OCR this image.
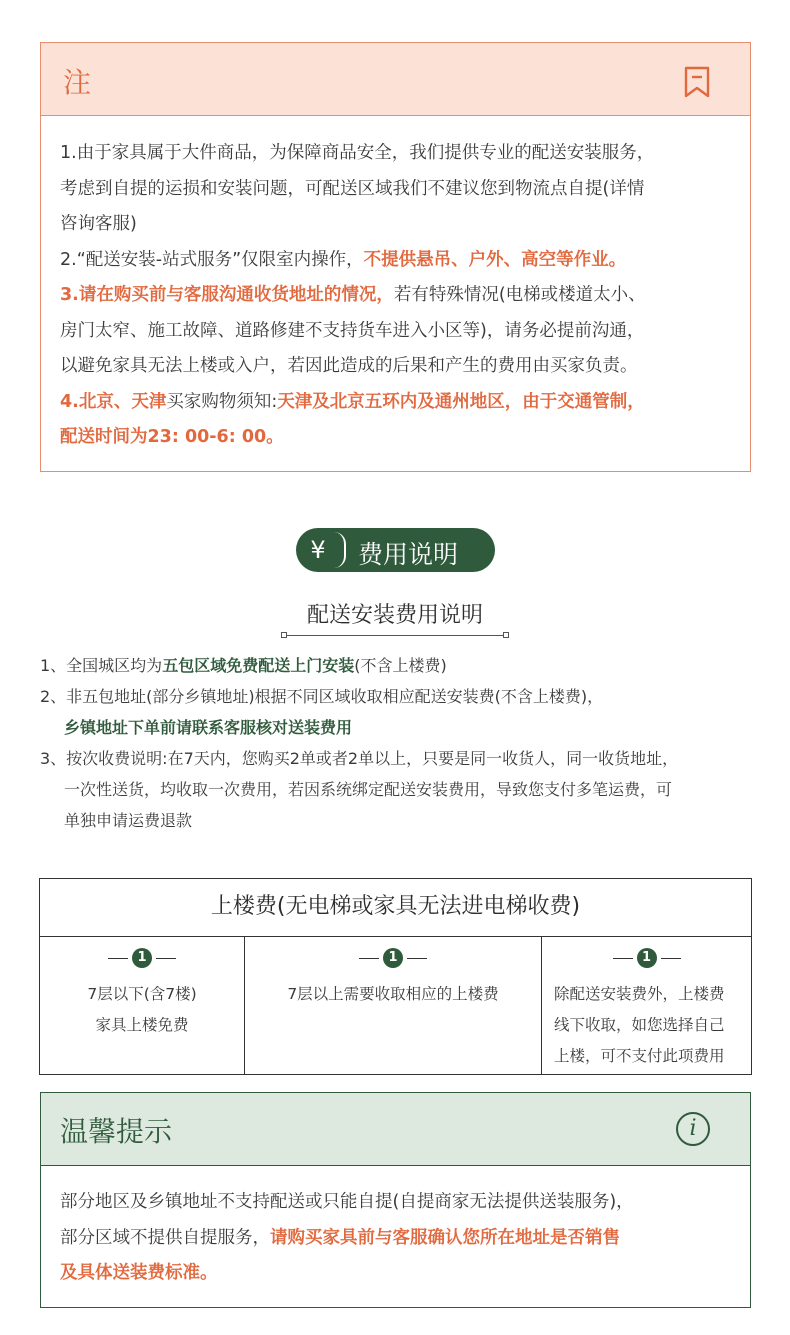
注
1.由于家具属于大件商品，为保障商品安全，我们提供专业的配送安装服务，
考虑到自提的运损和安装问题，可配送区域我们不建议您到物流点自提(详情
咨询客服)
2.“配送安装-站式服务”仅限室内操作，不提供悬吊、户外、高空等作业。
3.请在购买前与客服沟通收货地址的情况，若有特殊情况(电梯或楼道太小、
房门太窄、施工故障、道路修建不支持货车进入小区等)，请务必提前沟通，
以避免家具无法上楼或入户，若因此造成的后果和产生的费用由买家负责。
4.北京、天津买家购物须知:天津及北京五环内及通州地区，由于交通管制，
配送时间为23: 00-6: 00。
¥	费用说明
配送安装费用说明
1、全国城区均为五包区域免费配送上门安装(不含上楼费)
2、非五包地址(部分乡镇地址)根据不同区域收取相应配送安装费(不含上楼费)，
乡镇地址下单前请联系客服核对送装费用
3、按次收费说明:在7天内，您购买2单或者2单以上，只要是同一收货人，同一收货地址，
一次性送货，均收取一次费用，若因系统绑定配送安装费用，导致您支付多笔运费，可
单独申请运费退款
上楼费(无电梯或家具无法进电梯收费)
1
7层以下(含7楼)
家具上楼免费
1
7层以上需要收取相应的上楼费
1
除配送安装费外，上楼费
线下收取，如您选择自己
上楼，可不支付此项费用
温馨提示	i
部分地区及乡镇地址不支持配送或只能自提(自提商家无法提供送装服务)，
部分区域不提供自提服务，请购买家具前与客服确认您所在地址是否销售
及具体送装费标准。
